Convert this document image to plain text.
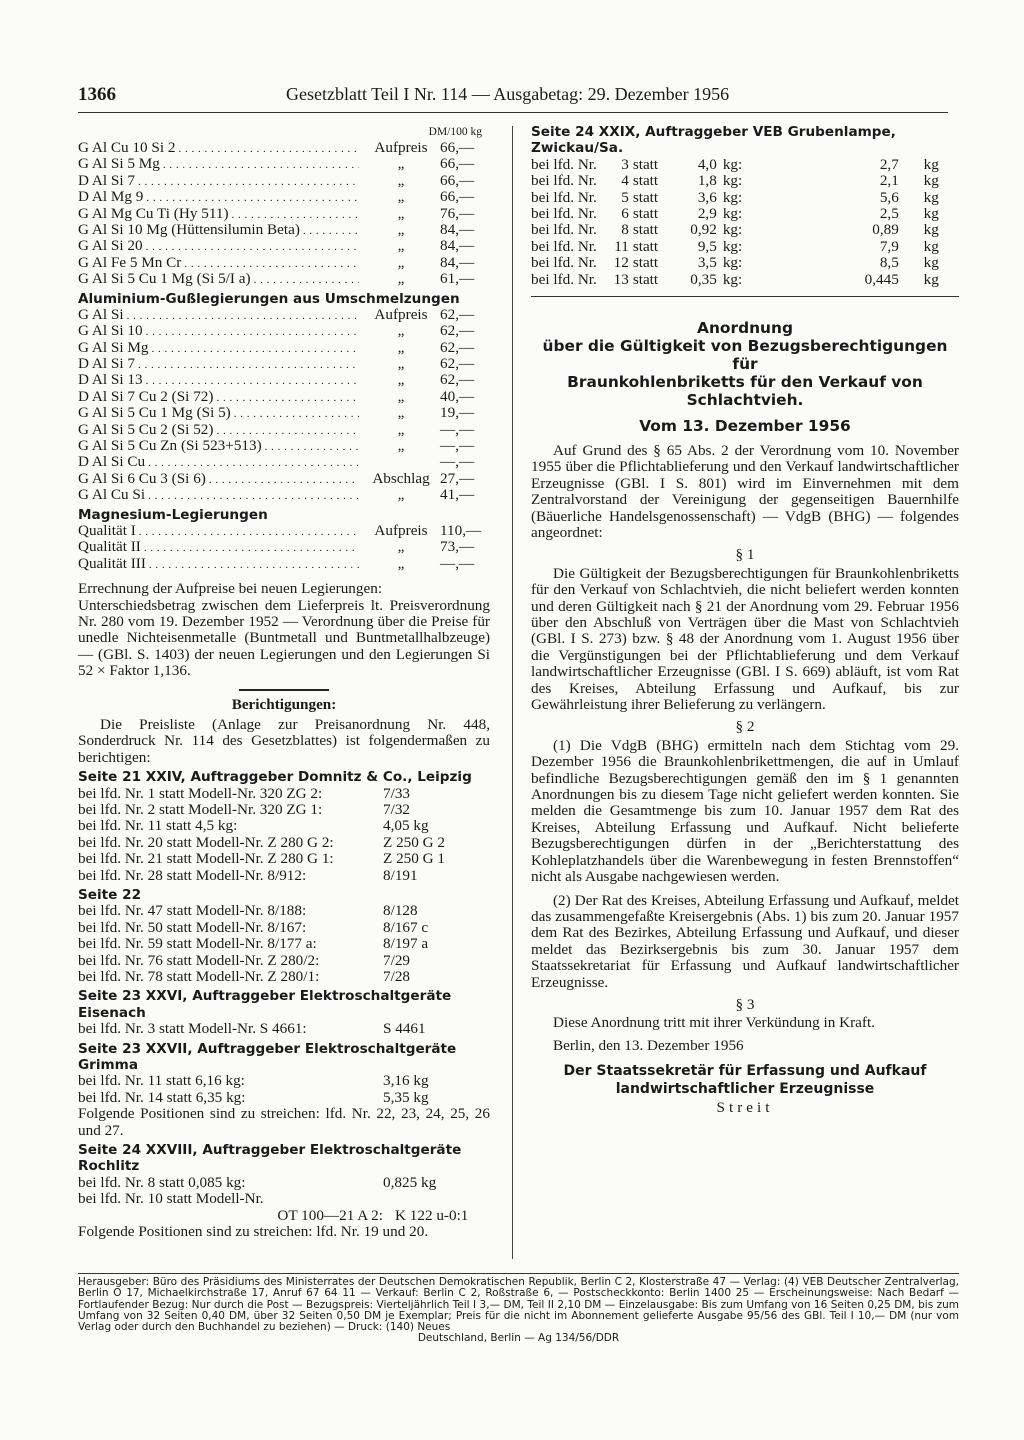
1366	Gesetzblatt Teil I Nr. 114 — Ausgabetag: 29. Dezember 1956
DM/100 kg
G Al Cu 10 Si 2 . . .	Aufpreis 66,—
G Al Si 5 Mg . . .	„	66,—
D Al Si 7 . . .	„	66,—
D Al Mg 9 . . .	„	66,—
G Al Mg Cu Ti (Hy 511) . . .	„	76,—
G Al Si 10 Mg (Hüttensilumin Beta) . . .	„	84,—
G Al Si 20 . . .	„	84,—
G Al Fe 5 Mn Cr . . .	„	84,—
G Al Si 5 Cu 1 Mg (Si 5/I a) . . .	„	61,—
Aluminium-Gußlegierungen aus Umschmelzungen
G Al Si . . .	Aufpreis 62,—
G Al Si 10 . . .	„	62,—
G Al Si Mg . . .	„	62,—
D Al Si 7 . . .	„	62,—
D Al Si 13 . . .	„	62,—
D Al Si 7 Cu 2 (Si 72) . . .	„	40,—
G Al Si 5 Cu 1 Mg (Si 5) . . .	„	19,—
G Al Si 5 Cu 2 (Si 52) . . .	„	—,—
G Al Si 5 Cu Zn (Si 523+513) . . .	„	—,—
D Al Si Cu . . .	—,—
G Al Si 6 Cu 3 (Si 6) . . .	Abschlag 27,—
G Al Cu Si . . .	„	41,—
Magnesium-Legierungen
Qualität I . . .	Aufpreis 110,—
Qualität II . . .	„	73,—
Qualität III . . .	„	—,—
Errechnung der Aufpreise bei neuen Legierungen:
Unterschiedsbetrag zwischen dem Lieferpreis lt. Preisverordnung Nr. 280 vom 19. Dezember 1952 — Verordnung über die Preise für unedle Nichteisenmetalle (Buntmetall und Buntmetallhalbzeuge) — (GBl. S. 1403) der neuen Legierungen und den Legierungen Si 52 × Faktor 1,136.
Berichtigungen:
Die Preisliste (Anlage zur Preisanordnung Nr. 448, Sonderdruck Nr. 114 des Gesetzblattes) ist folgendermaßen zu berichtigen:
Seite 21 XXIV, Auftraggeber Domnitz & Co., Leipzig
bei lfd. Nr. 1 statt Modell-Nr. 320 ZG 2:	7/33
bei lfd. Nr. 2 statt Modell-Nr. 320 ZG 1:	7/32
bei lfd. Nr. 11 statt 4,5 kg:	4,05 kg
bei lfd. Nr. 20 statt Modell-Nr. Z 280 G 2:	Z 250 G 2
bei lfd. Nr. 21 statt Modell-Nr. Z 280 G 1:	Z 250 G 1
bei lfd. Nr. 28 statt Modell-Nr. 8/912:	8/191
Seite 22
bei lfd. Nr. 47 statt Modell-Nr. 8/188:	8/128
bei lfd. Nr. 50 statt Modell-Nr. 8/167:	8/167 c
bei lfd. Nr. 59 statt Modell-Nr. 8/177 a:	8/197 a
bei lfd. Nr. 76 statt Modell-Nr. Z 280/2:	7/29
bei lfd. Nr. 78 statt Modell-Nr. Z 280/1:	7/28
Seite 23 XXVI, Auftraggeber Elektroschaltgeräte Eisenach
bei lfd. Nr. 3 statt Modell-Nr. S 4661:	S 4461
Seite 23 XXVII, Auftraggeber Elektroschaltgeräte Grimma
bei lfd. Nr. 11 statt 6,16 kg:	3,16 kg
bei lfd. Nr. 14 statt 6,35 kg:	5,35 kg
Folgende Positionen sind zu streichen: lfd. Nr. 22, 23, 24, 25, 26 und 27.
Seite 24 XXVIII, Auftraggeber Elektroschaltgeräte Rochlitz
bei lfd. Nr. 8 statt 0,085 kg:	0,825 kg
bei lfd. Nr. 10 statt Modell-Nr.
OT 100—21 A 2: K 122 u-0:1
Folgende Positionen sind zu streichen: lfd. Nr. 19 und 20.
Seite 24 XXIX, Auftraggeber VEB Grubenlampe, Zwickau/Sa.
bei lfd. Nr.	3 statt	4,0 kg:	2,7	kg
bei lfd. Nr.	4 statt	1,8 kg:	2,1	kg
bei lfd. Nr.	5 statt	3,6 kg:	5,6	kg
bei lfd. Nr.	6 statt	2,9 kg:	2,5	kg
bei lfd. Nr.	8 statt	0,92 kg:	0,89	kg
bei lfd. Nr.	11 statt	9,5 kg:	7,9	kg
bei lfd. Nr.	12 statt	3,5 kg:	8,5	kg
bei lfd. Nr.	13 statt	0,35 kg:	0,445	kg
Anordnung
über die Gültigkeit von Bezugsberechtigungen für
Braunkohlenbriketts für den Verkauf von
Schlachtvieh.
Vom 13. Dezember 1956
Auf Grund des § 65 Abs. 2 der Verordnung vom 10. November 1955 über die Pflichtablieferung und den Verkauf landwirtschaftlicher Erzeugnisse (GBl. I S. 801) wird im Einvernehmen mit dem Zentralvorstand der Vereinigung der gegenseitigen Bauernhilfe (Bäuerliche Handelsgenossenschaft) — VdgB (BHG) — folgendes angeordnet:
§ 1
Die Gültigkeit der Bezugsberechtigungen für Braunkohlenbriketts für den Verkauf von Schlachtvieh, die nicht beliefert werden konnten und deren Gültigkeit nach § 21 der Anordnung vom 29. Februar 1956 über den Abschluß von Verträgen über die Mast von Schlachtvieh (GBl. I S. 273) bzw. § 48 der Anordnung vom 1. August 1956 über die Vergünstigungen bei der Pflichtablieferung und dem Verkauf landwirtschaftlicher Erzeugnisse (GBl. I S. 669) abläuft, ist vom Rat des Kreises, Abteilung Erfassung und Aufkauf, bis zur Gewährleistung ihrer Belieferung zu verlängern.
§ 2
(1) Die VdgB (BHG) ermitteln nach dem Stichtag vom 29. Dezember 1956 die Braunkohlenbrikettmengen, die auf in Umlauf befindliche Bezugsberechtigungen gemäß den im § 1 genannten Anordnungen bis zu diesem Tage nicht geliefert werden konnten. Sie melden die Gesamtmenge bis zum 10. Januar 1957 dem Rat des Kreises, Abteilung Erfassung und Aufkauf. Nicht belieferte Bezugsberechtigungen dürfen in der „Berichterstattung des Kohleplatzhandels über die Warenbewegung in festen Brennstoffen“ nicht als Ausgabe nachgewiesen werden.
(2) Der Rat des Kreises, Abteilung Erfassung und Aufkauf, meldet das zusammengefaßte Kreisergebnis (Abs. 1) bis zum 20. Januar 1957 dem Rat des Bezirkes, Abteilung Erfassung und Aufkauf, und dieser meldet das Bezirksergebnis bis zum 30. Januar 1957 dem Staatssekretariat für Erfassung und Aufkauf landwirtschaftlicher Erzeugnisse.
§ 3
Diese Anordnung tritt mit ihrer Verkündung in Kraft.
Berlin, den 13. Dezember 1956
Der Staatssekretär für Erfassung und Aufkauf
landwirtschaftlicher Erzeugnisse
Streit

Herausgeber: Büro des Präsidiums des Ministerrates der Deutschen Demokratischen Republik, Berlin C 2, Klosterstraße 47 — Verlag: (4) VEB Deutscher Zentralverlag, Berlin O 17, Michaelkirchstraße 17, Anruf 67 64 11 — Verkauf: Berlin C 2, Roßstraße 6, — Postscheckkonto: Berlin 1400 25 — Erscheinungsweise: Nach Bedarf — Fortlaufender Bezug: Nur durch die Post — Bezugspreis: Vierteljährlich Teil I 3,— DM, Teil II 2,10 DM — Einzelausgabe: Bis zum Umfang von 16 Seiten 0,25 DM, bis zum Umfang von 32 Seiten 0,40 DM, über 32 Seiten 0,50 DM je Exemplar; Preis für die nicht im Abonnement gelieferte Ausgabe 95/56 des GBl. Teil I 10,— DM (nur vom Verlag oder durch den Buchhandel zu beziehen) — Druck: (140) Neues

Deutschland, Berlin — Ag 134/56/DDR
